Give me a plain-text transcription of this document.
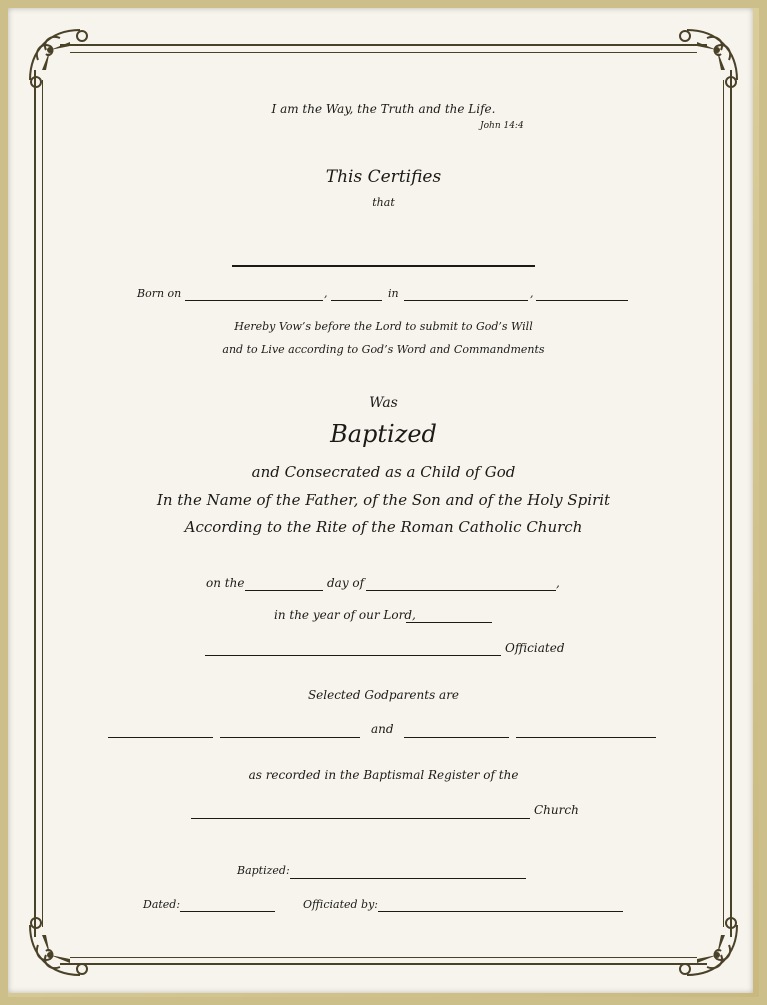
I am the Way, the Truth and the Life.
John 14:4
This Certifies
that
Born on	,	in	,
Hereby Vow’s before the Lord to submit to God’s Will
and to Live according to God’s Word and Commandments
Was
Baptized
and Consecrated as a Child of God
In the Name of the Father, of the Son and of the Holy Spirit
According to the Rite of the Roman Catholic Church
on the	day of	,
in the year of our Lord,
Officiated
Selected Godparents are
and
as recorded in the Baptismal Register of the
Church
Baptized:
Dated:	Officiated by:
